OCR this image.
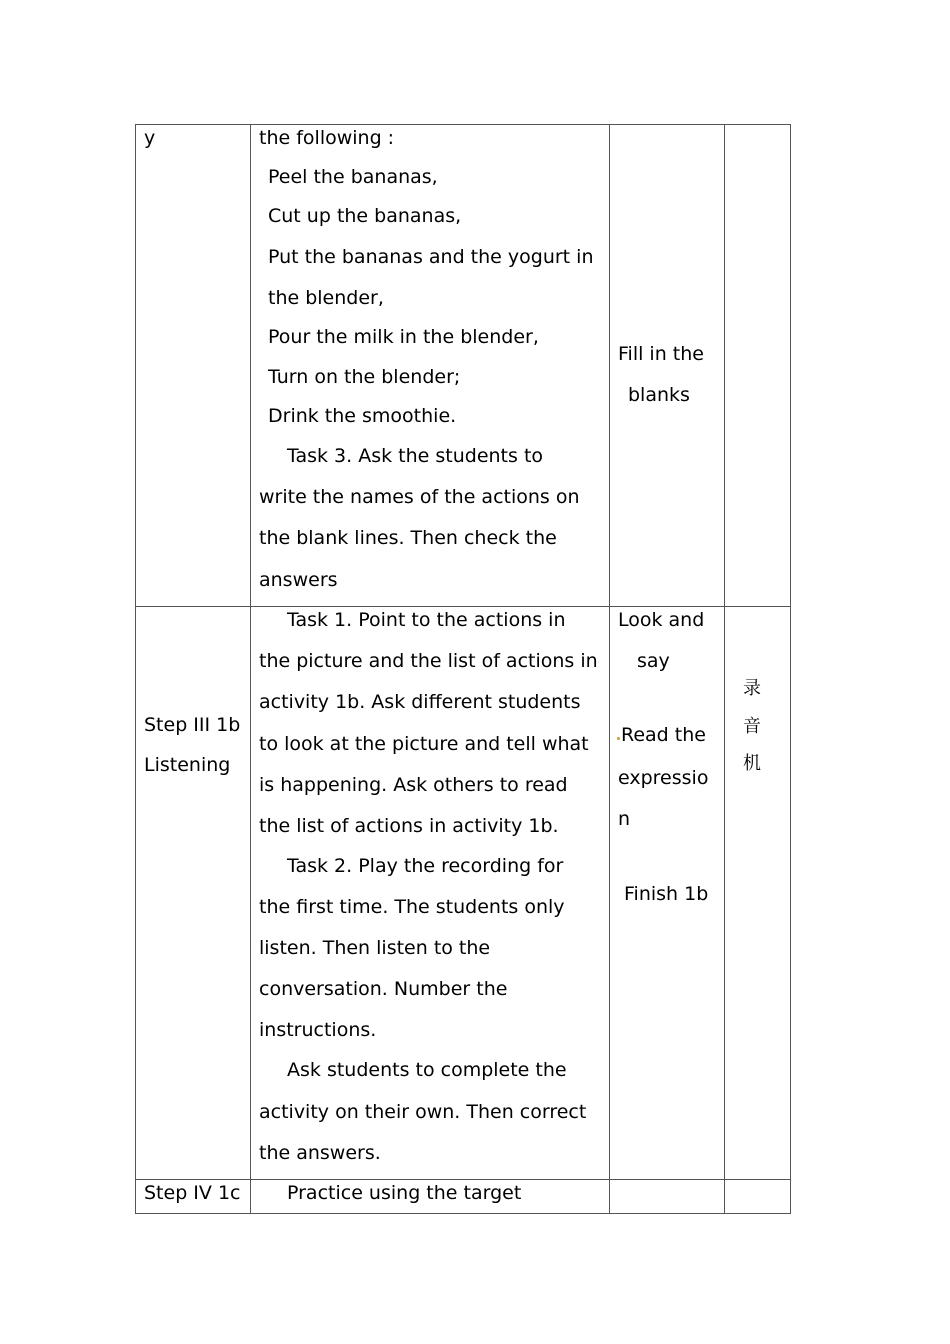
y	the following :
Peel the bananas,
Cut up the bananas,
Put the bananas and the yogurt in
the blender,
Pour the milk in the blender,
Turn on the blender;
Drink the smoothie.
Task 3. Ask the students to
write the names of the actions on
the blank lines. Then check the
answers
Fill in the
blanks
Step III 1b
Listening
Task 1. Point to the actions in
the picture and the list of actions in
activity 1b. Ask different students
to look at the picture and tell what
is happening. Ask others to read
the list of actions in activity 1b.
Task 2. Play the recording for
the first time. The students only
listen. Then listen to the
conversation. Number the
instructions.
Ask students to complete the
activity on their own. Then correct
the answers.
Look and
say
Read the
expressio
n
Finish 1b
录
音
机
Step IV 1c Practice using the target
